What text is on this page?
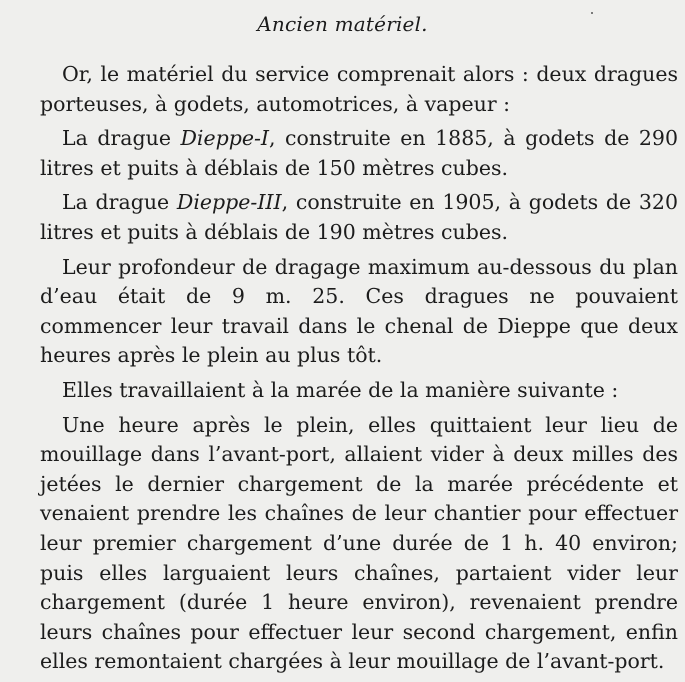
Ancien matériel.

Or, le matériel du service comprenait alors : deux dragues porteuses, à godets, automotrices, à vapeur :

La drague Dieppe-I, construite en 1885, à godets de 290 litres et puits à déblais de 150 mètres cubes.

La drague Dieppe-III, construite en 1905, à godets de 320 litres et puits à déblais de 190 mètres cubes.

Leur profondeur de dragage maximum au-dessous du plan d’eau était de 9 m. 25. Ces dragues ne pouvaient commencer leur travail dans le chenal de Dieppe que deux heures après le plein au plus tôt.

Elles travaillaient à la marée de la manière suivante :

Une heure après le plein, elles quittaient leur lieu de mouillage dans l’avant-port, allaient vider à deux milles des jetées le dernier chargement de la marée précédente et venaient prendre les chaînes de leur chantier pour effectuer leur premier chargement d’une durée de 1 h. 40 environ; puis elles larguaient leurs chaînes, partaient vider leur chargement (durée 1 heure environ), revenaient prendre leurs chaînes pour effectuer leur second chargement, enfin elles remontaient chargées à leur mouillage de l’avant-port.
